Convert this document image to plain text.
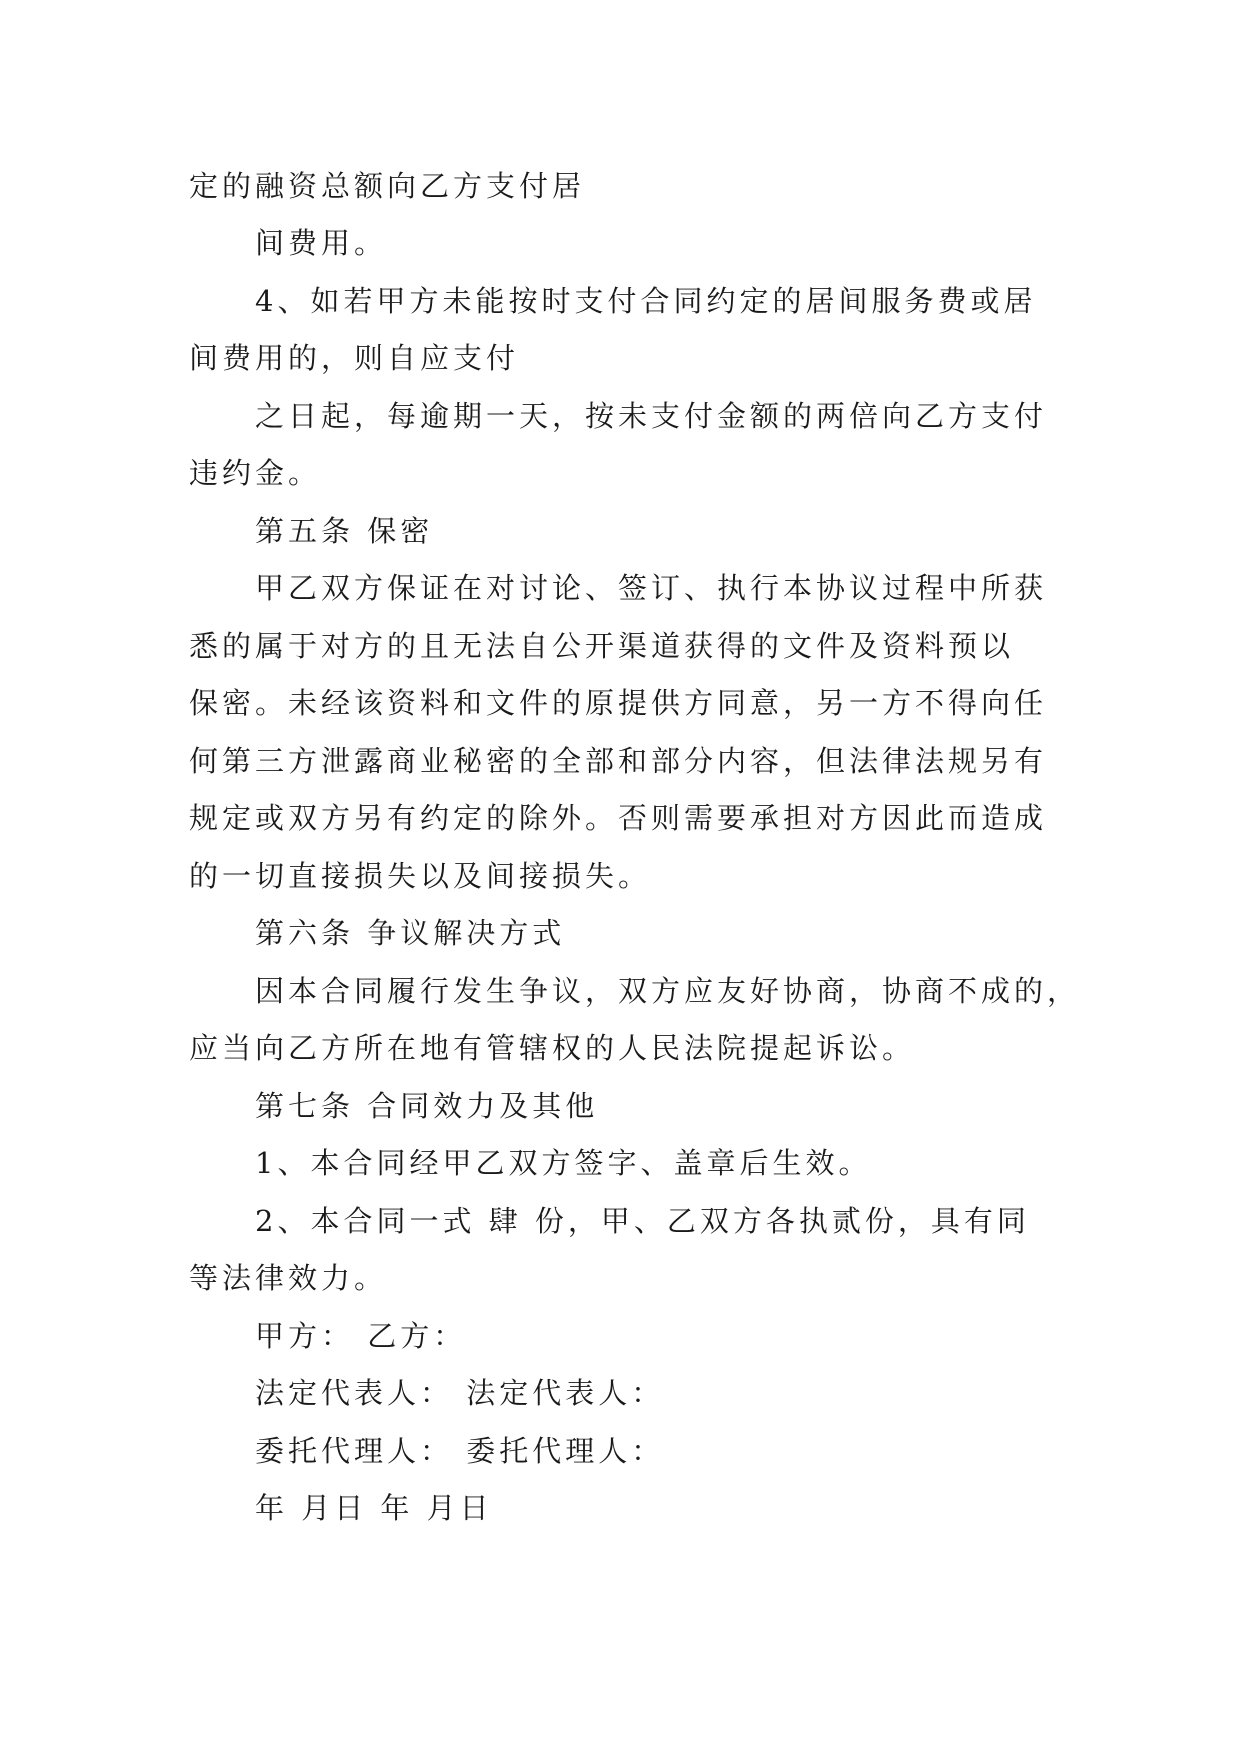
定的融资总额向乙方支付居

间费用。

4、如若甲方未能按时支付合同约定的居间服务费或居

间费用的，则自应支付

之日起，每逾期一天，按未支付金额的两倍向乙方支付

违约金。

第五条 保密

甲乙双方保证在对讨论、签订、执行本协议过程中所获

悉的属于对方的且无法自公开渠道获得的文件及资料预以

保密。未经该资料和文件的原提供方同意，另一方不得向任

何第三方泄露商业秘密的全部和部分内容，但法律法规另有

规定或双方另有约定的除外。否则需要承担对方因此而造成

的一切直接损失以及间接损失。

第六条 争议解决方式

因本合同履行发生争议，双方应友好协商，协商不成的，

应当向乙方所在地有管辖权的人民法院提起诉讼。

第七条 合同效力及其他

1、本合同经甲乙双方签字、盖章后生效。

2、本合同一式 肆 份，甲、乙双方各执贰份，具有同

等法律效力。

甲方： 乙方：

法定代表人： 法定代表人：

委托代理人： 委托代理人：

年 月日 年 月日
